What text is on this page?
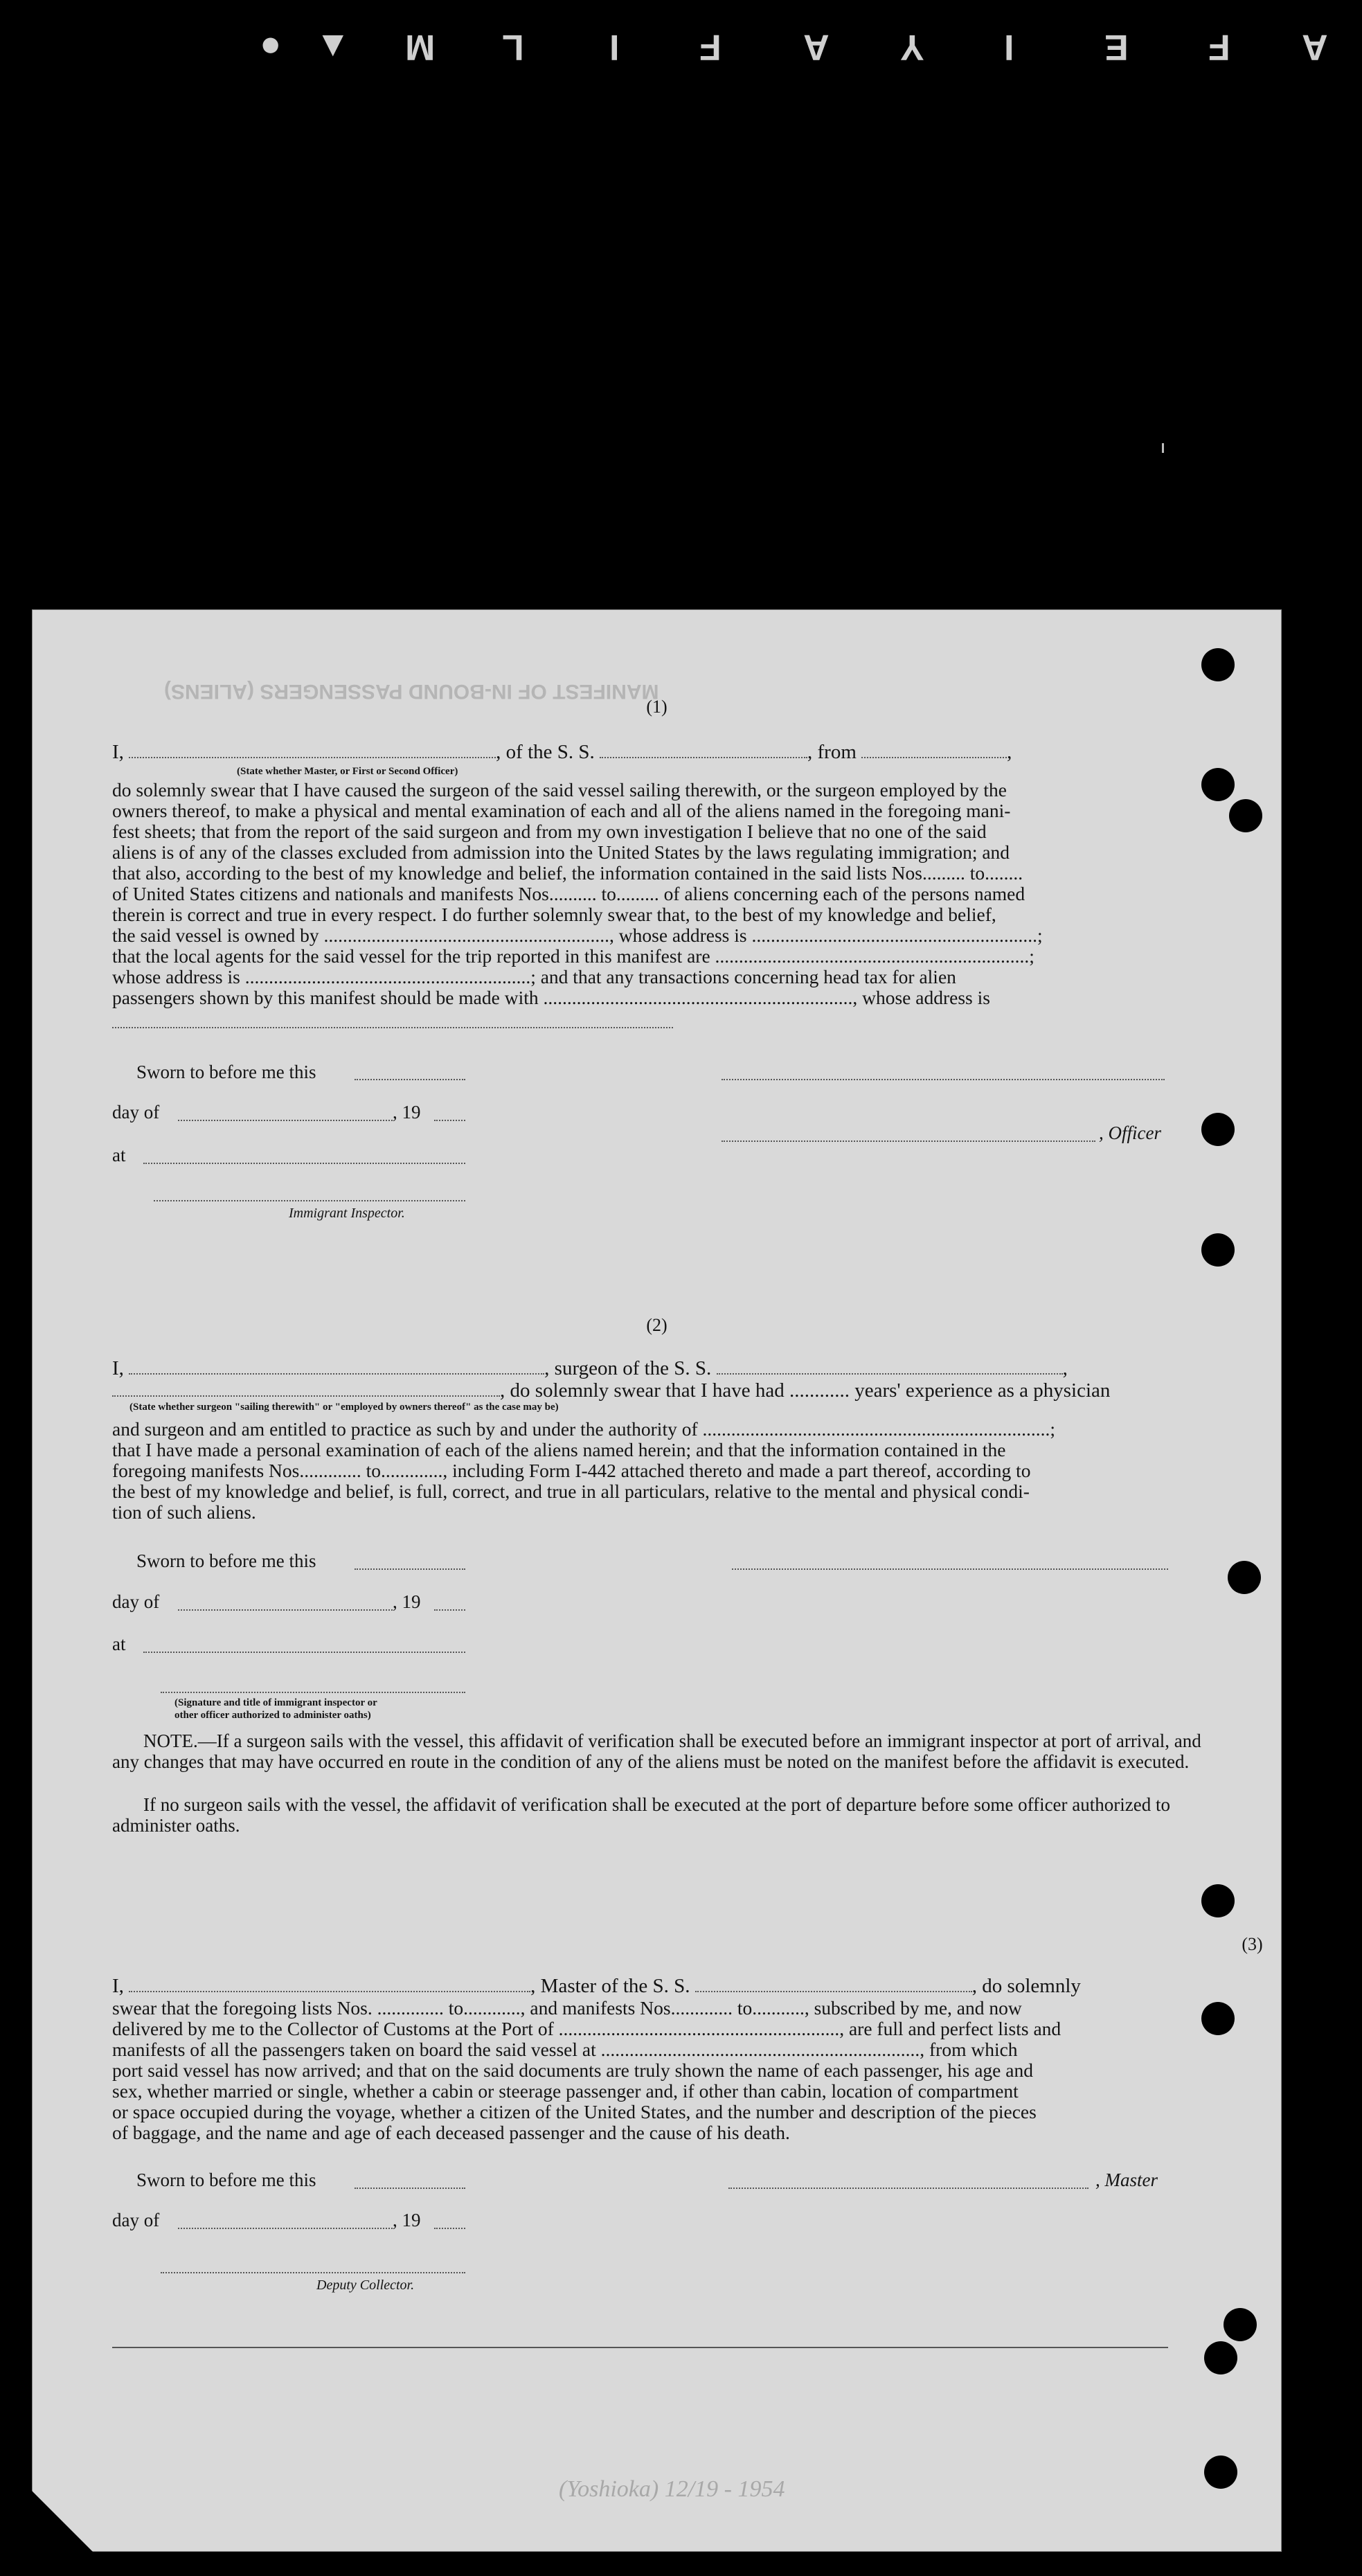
A
F
E
I
Y
A
F
I
L
M
▲
●
MANIFEST OF IN-BOUND PASSENGERS (ALIENS)
(Yoshioka) 12/19 - 1954
(1)
I,	, of the S. S.	, from	,
(State whether Master, or First or Second Officer)
do solemnly swear that I have caused the surgeon of the said vessel sailing therewith, or the surgeon employed by the
owners thereof, to make a physical and mental examination of each and all of the aliens named in the foregoing mani-
fest sheets; that from the report of the said surgeon and from my own investigation I believe that no one of the said
aliens is of any of the classes excluded from admission into the United States by the laws regulating immigration; and
that also, according to the best of my knowledge and belief, the information contained in the said lists Nos......... to........
of United States citizens and nationals and manifests Nos.......... to......... of aliens concerning each of the persons named
therein is correct and true in every respect. I do further solemnly swear that, to the best of my knowledge and belief,
the said vessel is owned by ............................................................, whose address is ............................................................;
that the local agents for the said vessel for the trip reported in this manifest are ..................................................................;
whose address is ............................................................; and that any transactions concerning head tax for alien
passengers shown by this manifest should be made with ................................................................., whose address is
Sworn to before me this
day of	, 19
, Officer
at
Immigrant Inspector.
(2)
I,	, surgeon of the S. S.	,
, do solemnly swear that I have had ............ years' experience as a physician
(State whether surgeon "sailing therewith" or "employed by owners thereof" as the case may be)
and surgeon and am entitled to practice as such by and under the authority of .........................................................................;
that I have made a personal examination of each of the aliens named herein; and that the information contained in the
foregoing manifests Nos............. to............., including Form I-442 attached thereto and made a part thereof, according to
the best of my knowledge and belief, is full, correct, and true in all particulars, relative to the mental and physical condi-
tion of such aliens.
Sworn to before me this
day of	, 19
at
(Signature and title of immigrant inspector or
other officer authorized to administer oaths)
NOTE.—If a surgeon sails with the vessel, this affidavit of verification shall be executed before an immigrant inspector at port of arrival, and any changes that may have occurred en route in the condition of any of the aliens must be noted on the manifest before the affidavit is executed.
If no surgeon sails with the vessel, the affidavit of verification shall be executed at the port of departure before some officer authorized to administer oaths.
(3)
I,	, Master of the S. S.	, do solemnly
swear that the foregoing lists Nos. .............. to............, and manifests Nos............. to..........., subscribed by me, and now
delivered by me to the Collector of Customs at the Port of ..........................................................., are full and perfect lists and
manifests of all the passengers taken on board the said vessel at ..................................................................., from which
port said vessel has now arrived; and that on the said documents are truly shown the name of each passenger, his age and
sex, whether married or single, whether a cabin or steerage passenger and, if other than cabin, location of compartment
or space occupied during the voyage, whether a citizen of the United States, and the number and description of the pieces
of baggage, and the name and age of each deceased passenger and the cause of his death.
Sworn to before me this	, Master
day of	, 19
Deputy Collector.
